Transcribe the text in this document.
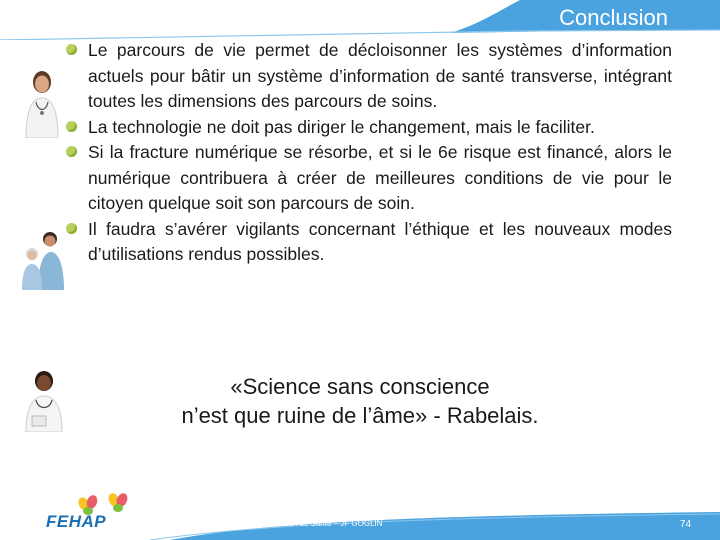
Conclusion
Le parcours de vie permet de décloisonner les systèmes d’information actuels pour bâtir un système d’information de santé transverse, intégrant toutes les dimensions des parcours de soins.
La technologie ne doit pas diriger le changement, mais le faciliter.
Si la fracture numérique se résorbe, et si le 6e risque est financé, alors le numérique contribuera à créer de meilleures conditions de vie pour le citoyen quelque soit son parcours de soin.
Il faudra s’avérer vigilants concernant l’éthique et les nouveaux modes d’utilisations rendus possibles.
«Science sans conscience
n’est que ruine de l’âme» - Rabelais.
Système d’information de Santé – JF GOGLIN	74
FEHAP
